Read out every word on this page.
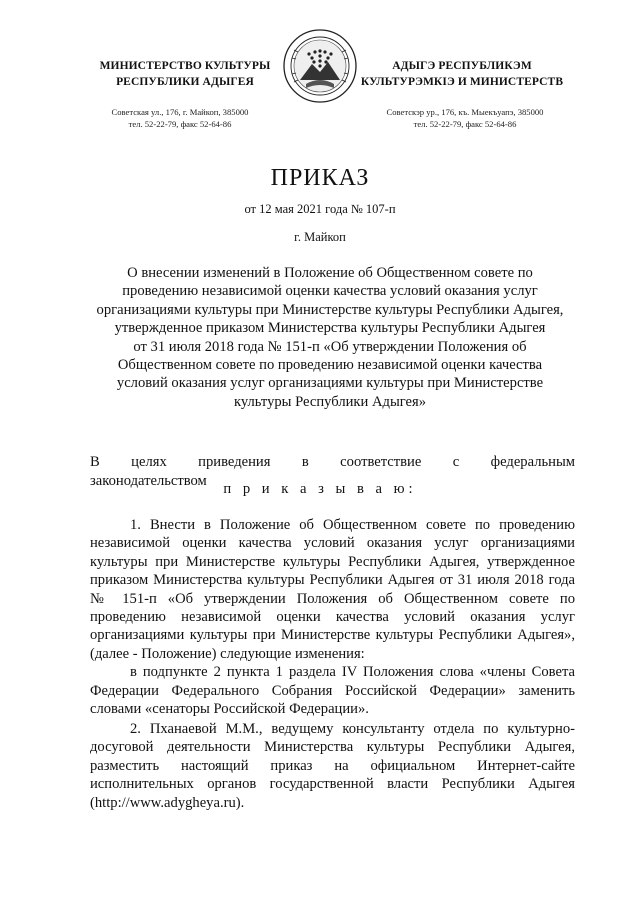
МИНИСТЕРСТВО КУЛЬТУРЫ
РЕСПУБЛИКИ АДЫГЕЯ
АДЫГЭ РЕСПУБЛИКЭМ
КУЛЬТУРЭМКIЭ И МИНИСТЕРСТВ
Советская ул., 176, г. Майкоп, 385000
тел. 52-22-79, факс 52-64-86
Советскэр ур., 176, къ. Мыекъуапэ, 385000
тел. 52-22-79, факс 52-64-86
ПРИКАЗ
от 12 мая 2021 года № 107-п
г. Майкоп
О внесении изменений в Положение об Общественном совете по
проведению независимой оценки качества условий оказания услуг
организациями культуры при Министерстве культуры Республики Адыгея,
утвержденное приказом Министерства культуры Республики Адыгея
от 31 июля 2018 года № 151-п «Об утверждении Положения об
Общественном совете по проведению независимой оценки качества
условий оказания услуг организациями культуры при Министерстве
культуры Республики Адыгея»
В целях приведения в соответствие с федеральным
законодательством	п р и к а з ы в а ю:
1. Внести в Положение об Общественном совете по проведению независимой оценки качества условий оказания услуг организациями культуры при Министерстве культуры Республики Адыгея, утвержденное приказом Министерства культуры Республики Адыгея от 31 июля 2018 года № 151-п «Об утверждении Положения об Общественном совете по проведению независимой оценки качества условий оказания услуг организациями культуры при Министерстве культуры Республики Адыгея», (далее - Положение) следующие изменения:
в подпункте 2 пункта 1 раздела IV Положения слова «члены Совета Федерации Федерального Собрания Российской Федерации» заменить словами «сенаторы Российской Федерации».
2. Пханаевой М.М., ведущему консультанту отдела по культурно-досуговой деятельности Министерства культуры Республики Адыгея, разместить настоящий приказ на официальном Интернет-сайте исполнительных органов государственной власти Республики Адыгея (http://www.adygheya.ru).
